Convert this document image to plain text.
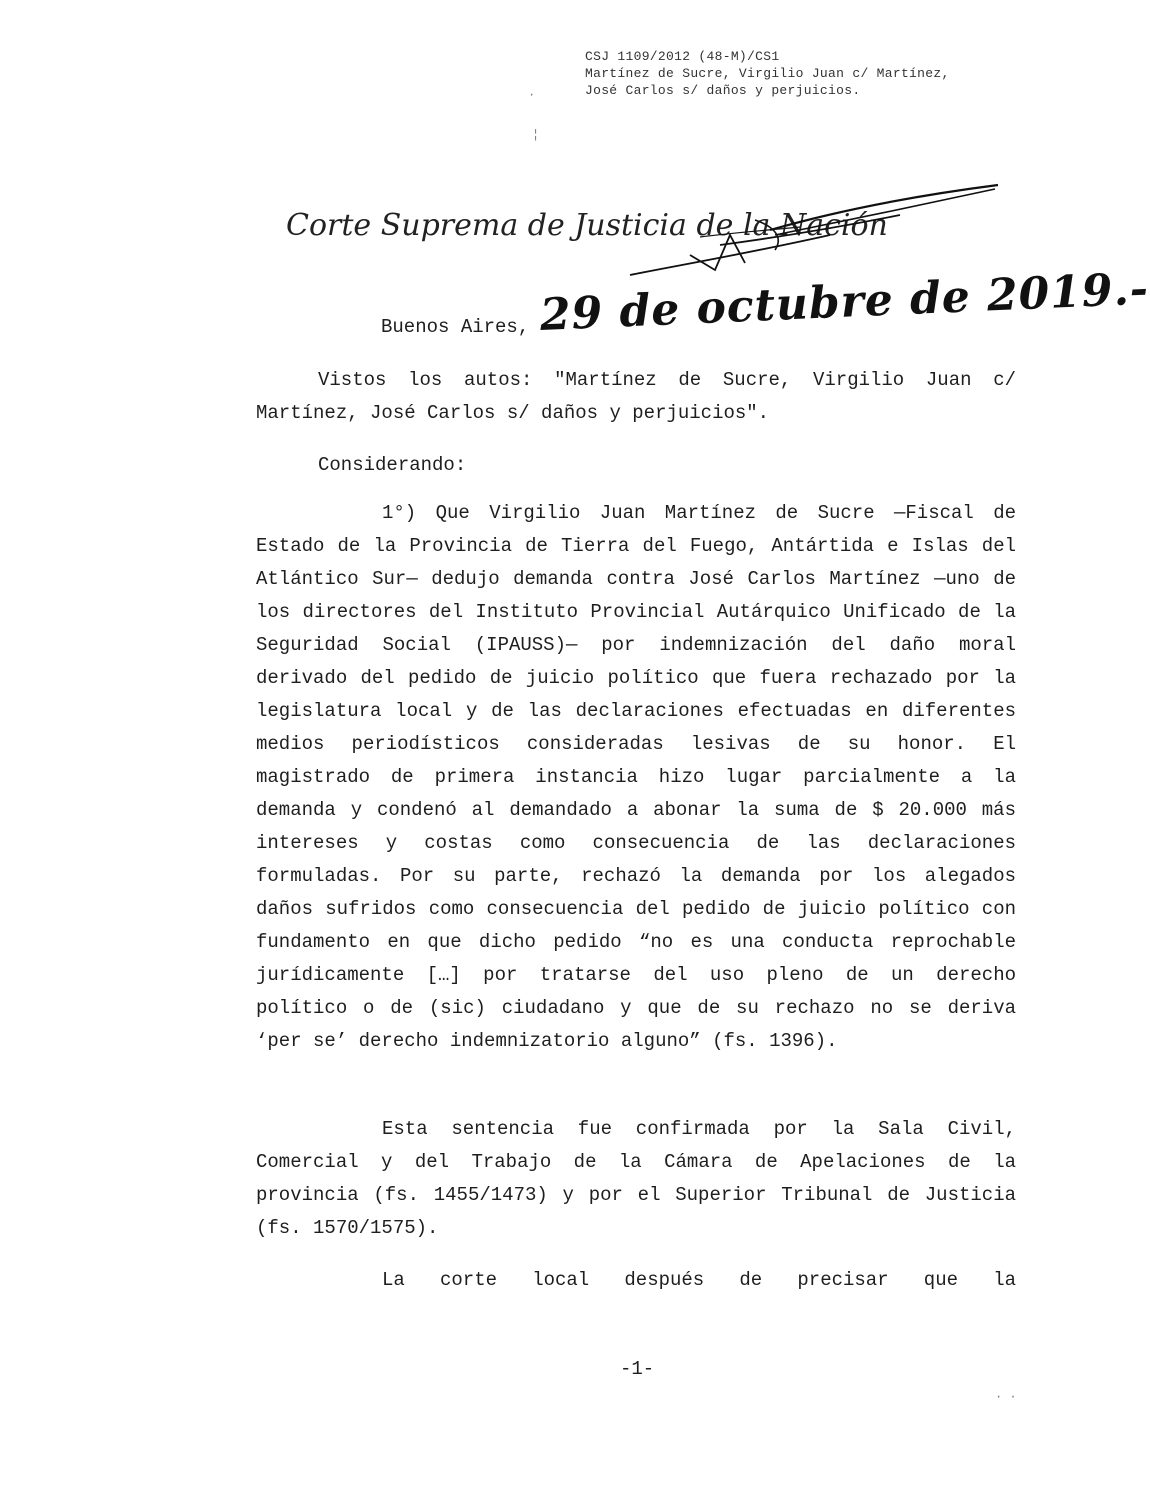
CSJ 1109/2012 (48-M)/CS1
Martínez de Sucre, Virgilio Juan c/ Martínez,
José Carlos s/ daños y perjuicios.
Corte Suprema de Justicia de la Nación
Buenos Aires, 29 de octubre de 2019.-
Vistos los autos: "Martínez de Sucre, Virgilio Juan c/ Martínez, José Carlos s/ daños y perjuicios".
Considerando:
1°) Que Virgilio Juan Martínez de Sucre —Fiscal de Estado de la Provincia de Tierra del Fuego, Antártida e Islas del Atlántico Sur— dedujo demanda contra José Carlos Martínez —uno de los directores del Instituto Provincial Autárquico Unificado de la Seguridad Social (IPAUSS)— por indemnización del daño moral derivado del pedido de juicio político que fuera rechazado por la legislatura local y de las declaraciones efectuadas en diferentes medios periodísticos consideradas lesivas de su honor. El magistrado de primera instancia hizo lugar parcialmente a la demanda y condenó al demandado a abonar la suma de $ 20.000 más intereses y costas como consecuencia de las declaraciones formuladas. Por su parte, rechazó la demanda por los alegados daños sufridos como consecuencia del pedido de juicio político con fundamento en que dicho pedido “no es una conducta reprochable jurídicamente […] por tratarse del uso pleno de un derecho político o de (sic) ciudadano y que de su rechazo no se deriva ‘per se’ derecho indemnizatorio alguno” (fs. 1396).
Esta sentencia fue confirmada por la Sala Civil, Comercial y del Trabajo de la Cámara de Apelaciones de la provincia (fs. 1455/1473) y por el Superior Tribunal de Justicia (fs. 1570/1575).
La corte local después de precisar que la
-1-
·
¦
· ·
